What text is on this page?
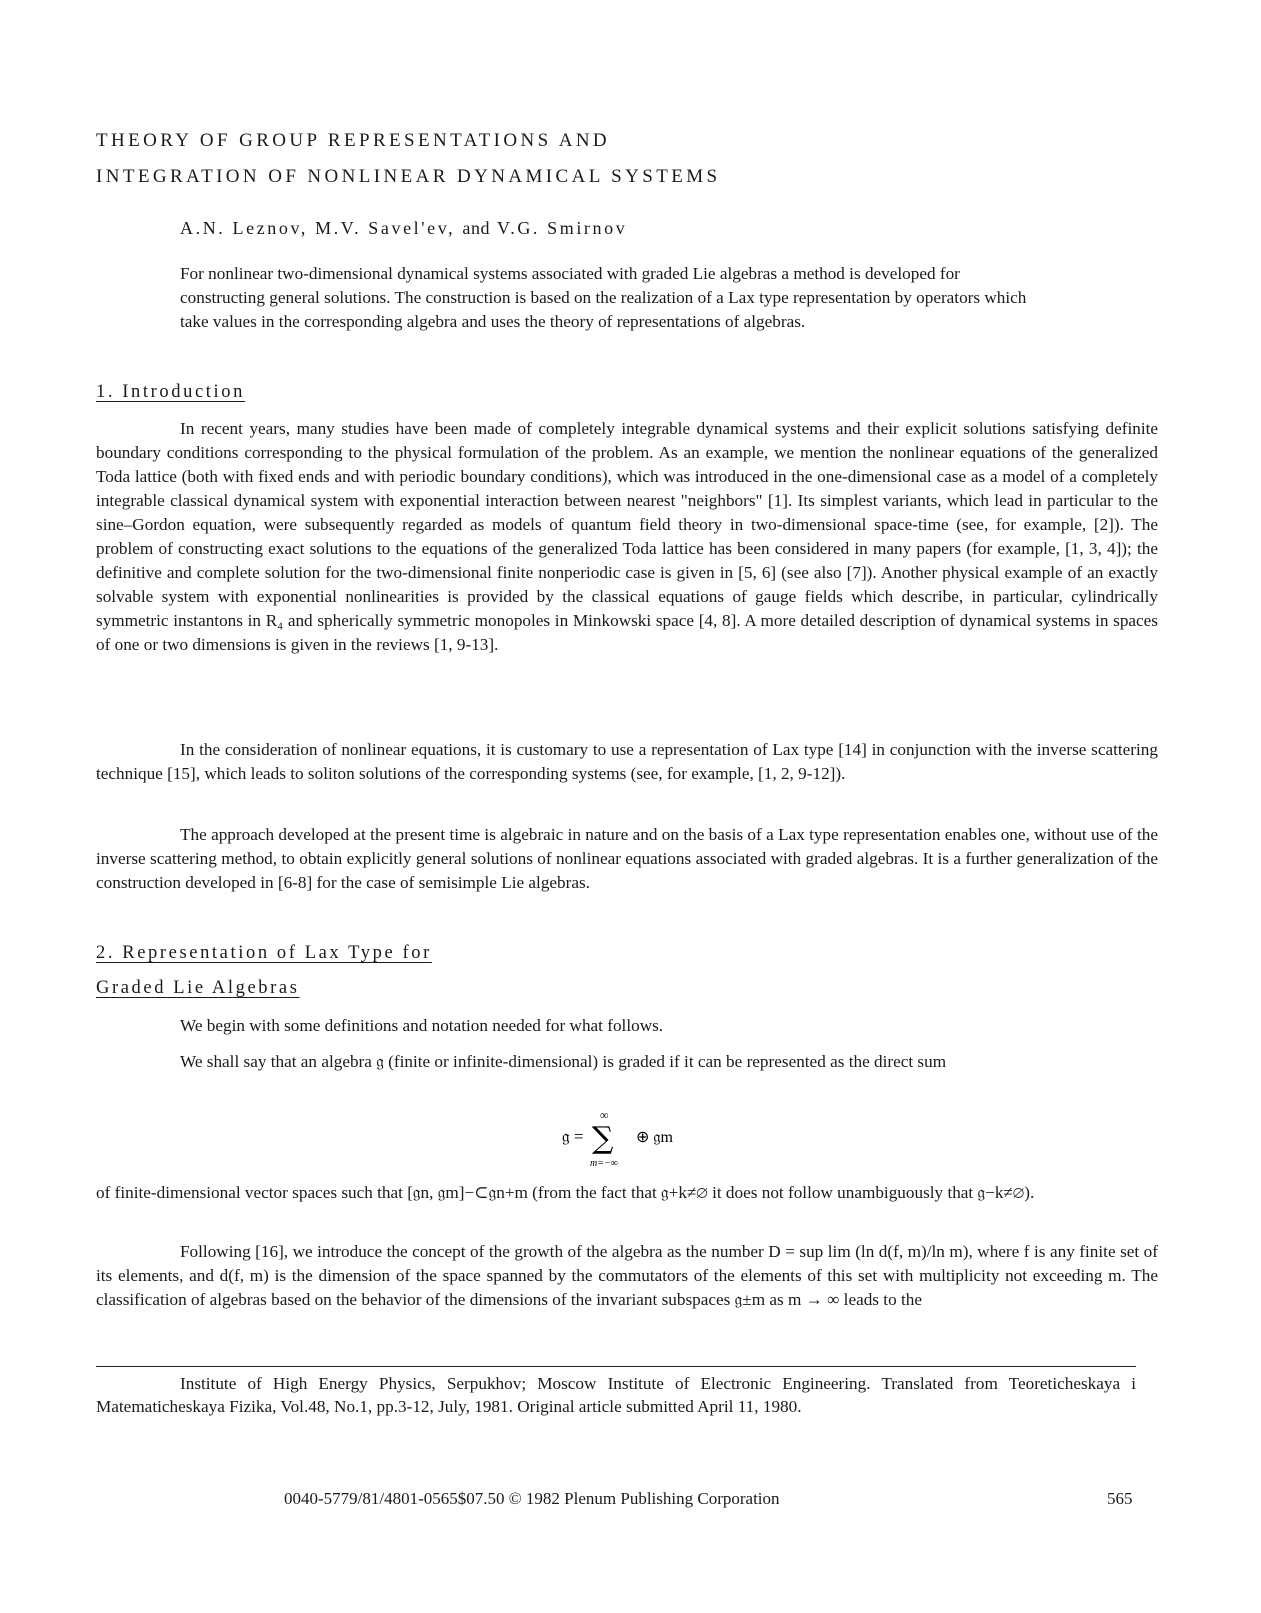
THEORY OF GROUP REPRESENTATIONS AND
INTEGRATION OF NONLINEAR DYNAMICAL SYSTEMS
A.N. Leznov, M.V. Savel'ev, and V.G. Smirnov
For nonlinear two-dimensional dynamical systems associated with graded Lie algebras a method is developed for constructing general solutions. The construction is based on the realization of a Lax type representation by operators which take values in the corresponding algebra and uses the theory of representations of algebras.
1. Introduction

In recent years, many studies have been made of completely integrable dynamical systems and their explicit solutions satisfying definite boundary conditions corresponding to the physical formulation of the problem. As an example, we mention the nonlinear equations of the generalized Toda lattice (both with fixed ends and with periodic boundary conditions), which was introduced in the one-dimensional case as a model of a completely integrable classical dynamical system with exponential interaction between nearest "neighbors" [1]. Its simplest variants, which lead in particular to the sine–Gordon equation, were subsequently regarded as models of quantum field theory in two-dimensional space-time (see, for example, [2]). The problem of constructing exact solutions to the equations of the generalized Toda lattice has been considered in many papers (for example, [1, 3, 4]); the definitive and complete solution for the two-dimensional finite nonperiodic case is given in [5, 6] (see also [7]). Another physical example of an exactly solvable system with exponential nonlinearities is provided by the classical equations of gauge fields which describe, in particular, cylindrically symmetric instantons in R₄ and spherically symmetric monopoles in Minkowski space [4, 8]. A more detailed description of dynamical systems in spaces of one or two dimensions is given in the reviews [1, 9-13].

In the consideration of nonlinear equations, it is customary to use a representation of Lax type [14] in conjunction with the inverse scattering technique [15], which leads to soliton solutions of the corresponding systems (see, for example, [1, 2, 9-12]).

The approach developed at the present time is algebraic in nature and on the basis of a Lax type representation enables one, without use of the inverse scattering method, to obtain explicitly general solutions of nonlinear equations associated with graded algebras. It is a further generalization of the construction developed in [6-8] for the case of semisimple Lie algebras.

2. Representation of Lax Type for
Graded Lie Algebras

We begin with some definitions and notation needed for what follows.

We shall say that an algebra 𝔤 (finite or infinite-dimensional) is graded if it can be represented as the direct sum

𝔤 =
∞
∑
m=−∞
⊕ 𝔤m

of finite-dimensional vector spaces such that [𝔤n, 𝔤m]−⊂𝔤n+m (from the fact that 𝔤+k≠∅ it does not follow unambiguously that 𝔤−k≠∅).

Following [16], we introduce the concept of the growth of the algebra as the number D = sup lim (ln d(f, m)/ln m), where f is any finite set of its elements, and d(f, m) is the dimension of the space spanned by the commutators of the elements of this set with multiplicity not exceeding m. The classification of algebras based on the behavior of the dimensions of the invariant subspaces 𝔤±m as m → ∞ leads to the

Institute of High Energy Physics, Serpukhov; Moscow Institute of Electronic Engineering. Translated from Teoreticheskaya i Matematicheskaya Fizika, Vol.48, No.1, pp.3-12, July, 1981. Original article submitted April 11, 1980.
0040-5779/81/4801-0565$07.50 © 1982 Plenum Publishing Corporation	565
